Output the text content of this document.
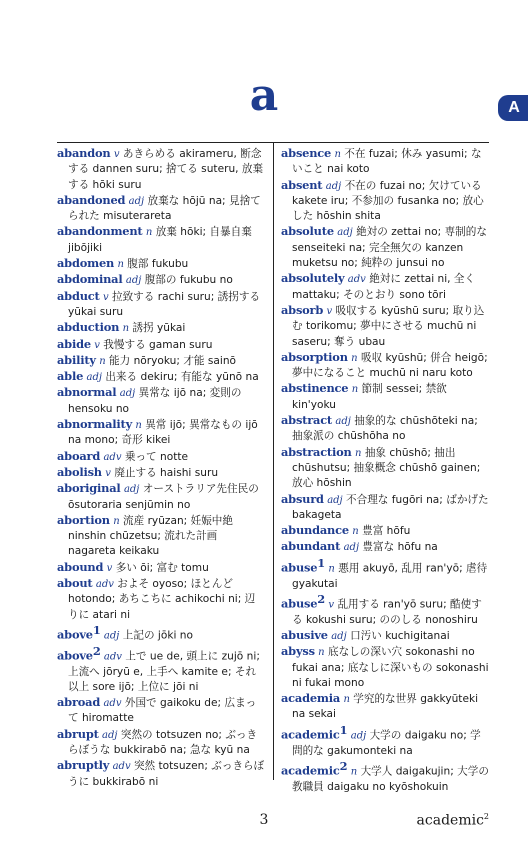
a	A
abandon v あきらめる akirameru, 断念する dannen suru; 捨てる suteru, 放棄する hōki suru
abandoned adj 放棄な hōjū na; 見捨てられた misuterareta
abandonment n 放棄 hōki; 自暴自棄 jibōjiki
abdomen n 腹部 fukubu
abdominal adj 腹部の fukubu no
abduct v 拉致する rachi suru; 誘拐する yūkai suru
abduction n 誘拐 yūkai
abide v 我慢する gaman suru
ability n 能力 nōryoku; 才能 sainō
able adj 出来る dekiru; 有能な yūnō na
abnormal adj 異常な ijō na; 変則の hensoku no
abnormality n 異常 ijō; 異常なもの ijō na mono; 奇形 kikei
aboard adv 乗って notte
abolish v 廃止する haishi suru
aboriginal adj オーストラリア先住民の ōsutoraria senjūmin no
abortion n 流産 ryūzan; 妊娠中絶 ninshin chūzetsu; 流れた計画 nagareta keikaku
abound v 多い ōi; 富む tomu
about adv およそ oyoso; ほとんど hotondo; あちこちに achikochi ni; 辺りに atari ni
above$^1$ adj 上記の jōki no
above$^2$ adv 上で ue de, 頭上に zujō ni; 上流へ jōryū e, 上手へ kamite e; それ以上 sore ijō; 上位に jōi ni
abroad adv 外国で gaikoku de; 広まって hiromatte
abrupt adj 突然の totsuzen no; ぶっきらぼうな bukkirabō na; 急な kyū na
abruptly adv 突然 totsuzen; ぶっきらぼうに bukkirabō ni
absence n 不在 fuzai; 休み yasumi; ないこと nai koto
absent adj 不在の fuzai no; 欠けている kakete iru; 不参加の fusanka no; 放心した hōshin shita
absolute adj 絶対の zettai no; 専制的な senseiteki na; 完全無欠の kanzen muketsu no; 純粋の junsui no
absolutely adv 絶対に zettai ni, 全く mattaku; そのとおり sono tōri
absorb v 吸収する kyūshū suru; 取り込む torikomu; 夢中にさせる muchū ni saseru; 奪う ubau
absorption n 吸収 kyūshū; 併合 heigō; 夢中になること muchū ni naru koto
abstinence n 節制 sessei; 禁欲 kin'yoku
abstract adj 抽象的な chūshōteki na; 抽象派の chūshōha no
abstraction n 抽象 chūshō; 抽出 chūshutsu; 抽象概念 chūshō gainen; 放心 hōshin
absurd adj 不合理な fugōri na; ばかげた bakageta
abundance n 豊富 hōfu
abundant adj 豊富な hōfu na
abuse$^1$ n 悪用 akuyō, 乱用 ran'yō; 虐待 gyakutai
abuse$^2$ v 乱用する ran'yō suru; 酷使する kokushi suru; ののしる nonoshiru
abusive adj 口汚い kuchigitanai
abyss n 底なしの深い穴 sokonashi no fukai ana; 底なしに深いもの sokonashi ni fukai mono
academia n 学究的な世界 gakkyūteki na sekai
academic$^1$ adj 大学の daigaku no; 学問的な gakumonteki na
academic$^2$ n 大学人 daigakujin; 大学の教職員 daigaku no kyōshokuin
3	academic$^2$
